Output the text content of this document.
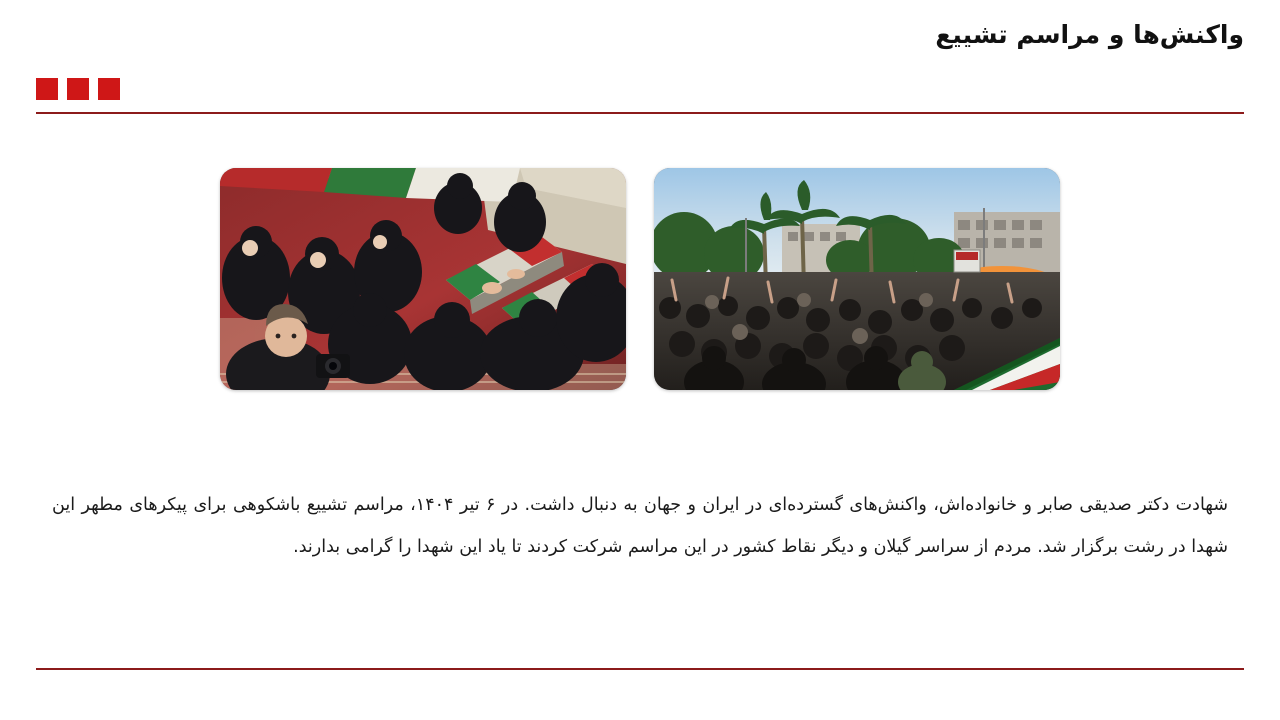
واکنش‌ها و مراسم تشییع

شهادت دکتر صدیقی صابر و خانواده‌اش، واکنش‌های گسترده‌ای در ایران و جهان به دنبال داشت. در ۶ تیر ۱۴۰۴، مراسم تشییع باشکوهی برای پیکرهای مطهر این شهدا در رشت برگزار شد. مردم از سراسر گیلان و دیگر نقاط کشور در این مراسم شرکت کردند تا یاد این شهدا را گرامی بدارند.
